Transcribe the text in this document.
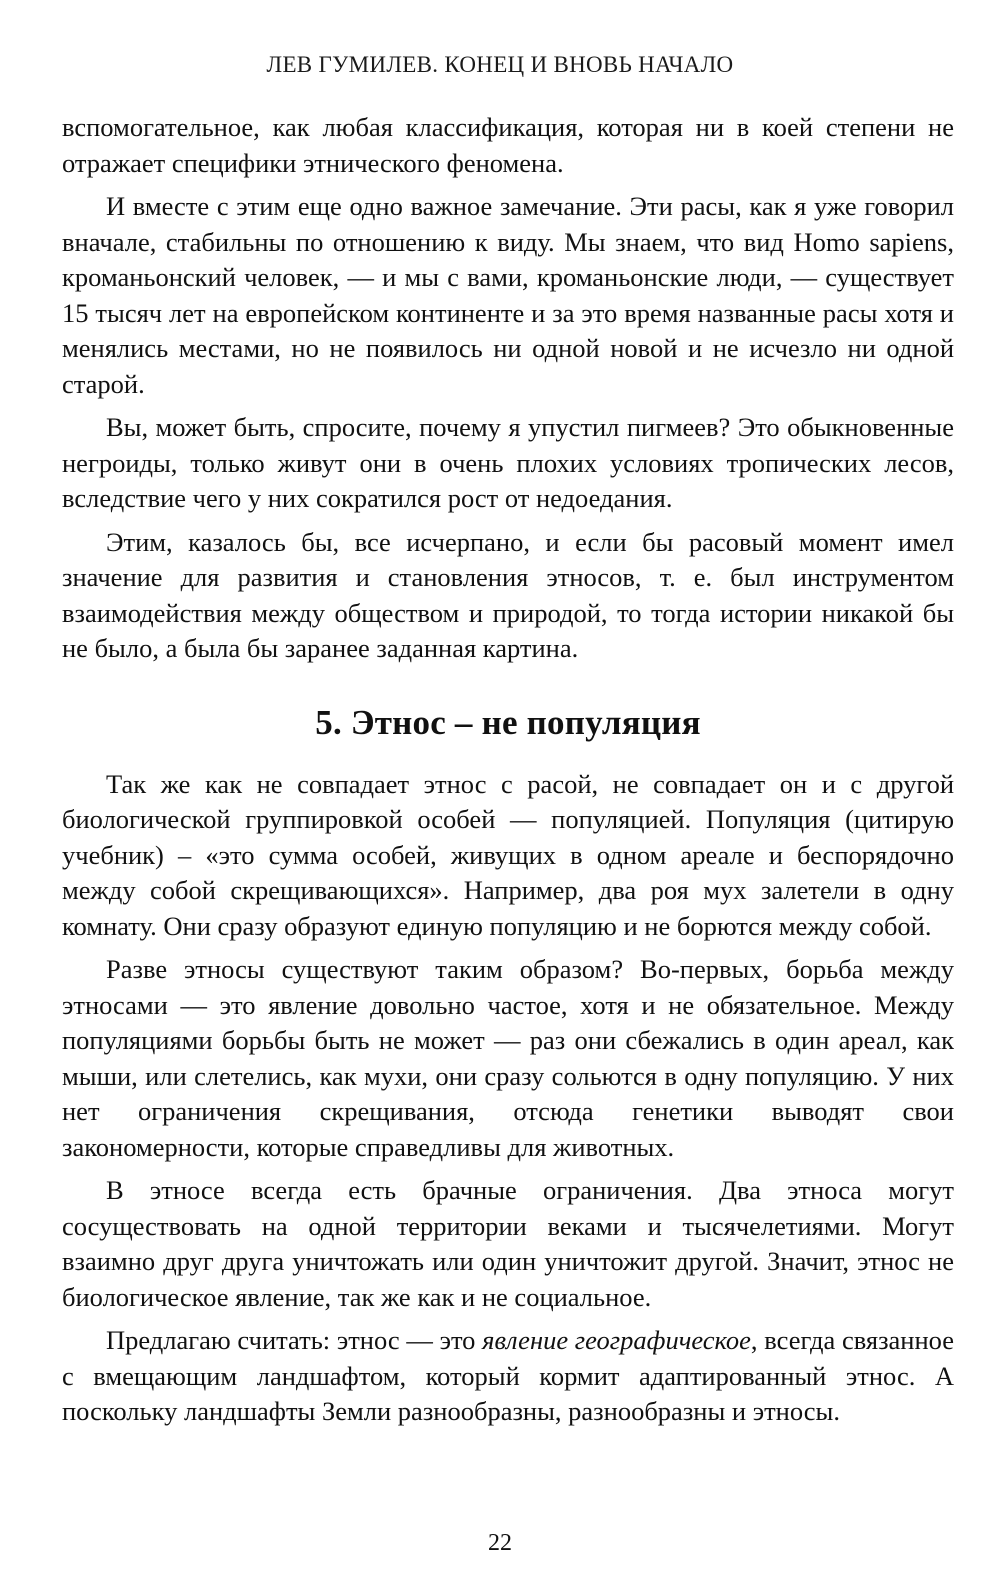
ЛЕВ ГУМИЛЕВ. КОНЕЦ И ВНОВЬ НАЧАЛО

вспомогательное, как любая классификация, которая ни в коей степени не отражает специфики этнического феномена.

И вместе с этим еще одно важное замечание. Эти расы, как я уже говорил вначале, стабильны по отношению к виду. Мы знаем, что вид Homo sapiens, кроманьонский человек, — и мы с вами, кроманьонские люди, — существует 15 тысяч лет на европейском континенте и за это время названные расы хотя и менялись местами, но не появилось ни одной новой и не исчезло ни одной старой.

Вы, может быть, спросите, почему я упустил пигмеев? Это обыкновенные негроиды, только живут они в очень плохих условиях тропических лесов, вследствие чего у них сократился рост от недоедания.

Этим, казалось бы, все исчерпано, и если бы расовый момент имел значение для развития и становления этносов, т. е. был инструментом взаимодействия между обществом и природой, то тогда истории никакой бы не было, а была бы заранее заданная картина.

5. Этнос – не популяция

Так же как не совпадает этнос с расой, не совпадает он и с другой биологической группировкой особей — популяцией. Популяция (цитирую учебник) – «это сумма особей, живущих в одном ареале и беспорядочно между собой скрещивающихся». Например, два роя мух залетели в одну комнату. Они сразу образуют единую популяцию и не борются между собой.

Разве этносы существуют таким образом? Во-первых, борьба между этносами — это явление довольно частое, хотя и не обязательное. Между популяциями борьбы быть не может — раз они сбежались в один ареал, как мыши, или слетелись, как мухи, они сразу сольются в одну популяцию. У них нет ограничения скрещивания, отсюда генетики выводят свои закономерности, которые справедливы для животных.

В этносе всегда есть брачные ограничения. Два этноса могут сосуществовать на одной территории веками и тысячелетиями. Могут взаимно друг друга уничтожать или один уничтожит другой. Значит, этнос не биологическое явление, так же как и не социальное.

Предлагаю считать: этнос — это явление географическое, всегда связанное с вмещающим ландшафтом, который кормит адаптированный этнос. А поскольку ландшафты Земли разнообразны, разнообразны и этносы.

22
